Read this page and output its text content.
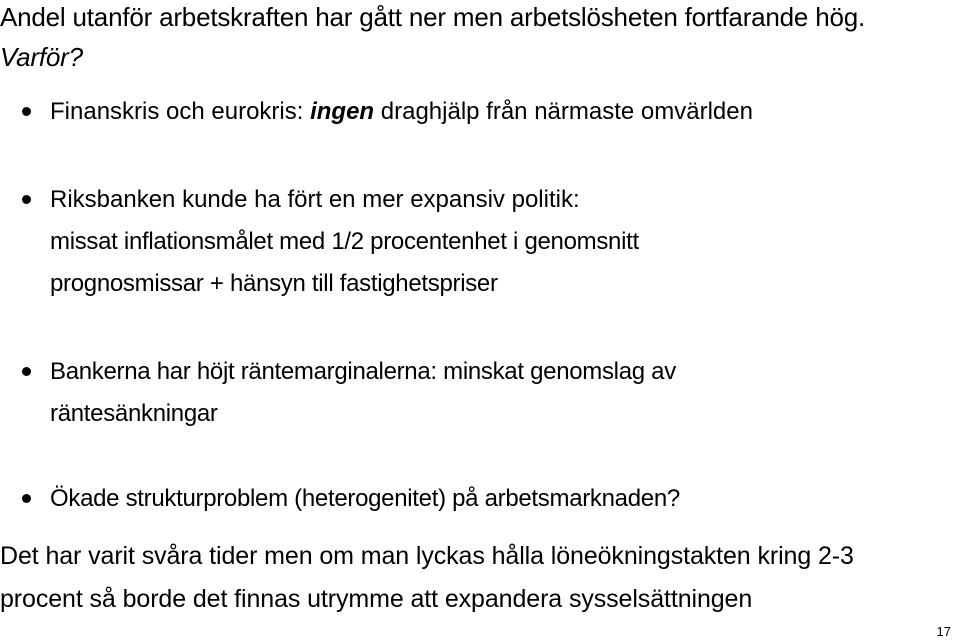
Andel utanför arbetskraften har gått ner men arbetslösheten fortfarande hög.
Varför?
Finanskris och eurokris: ingen draghjälp från närmaste omvärlden
Riksbanken kunde ha fört en mer expansiv politik:
missat inflationsmålet med 1/2 procentenhet i genomsnitt
prognosmissar + hänsyn till fastighetspriser
Bankerna har höjt räntemarginalerna: minskat genomslag av
räntesänkningar
Ökade strukturproblem (heterogenitet) på arbetsmarknaden?
Det har varit svåra tider men om man lyckas hålla löneökningstakten kring 2-3
procent så borde det finnas utrymme att expandera sysselsättningen
17
